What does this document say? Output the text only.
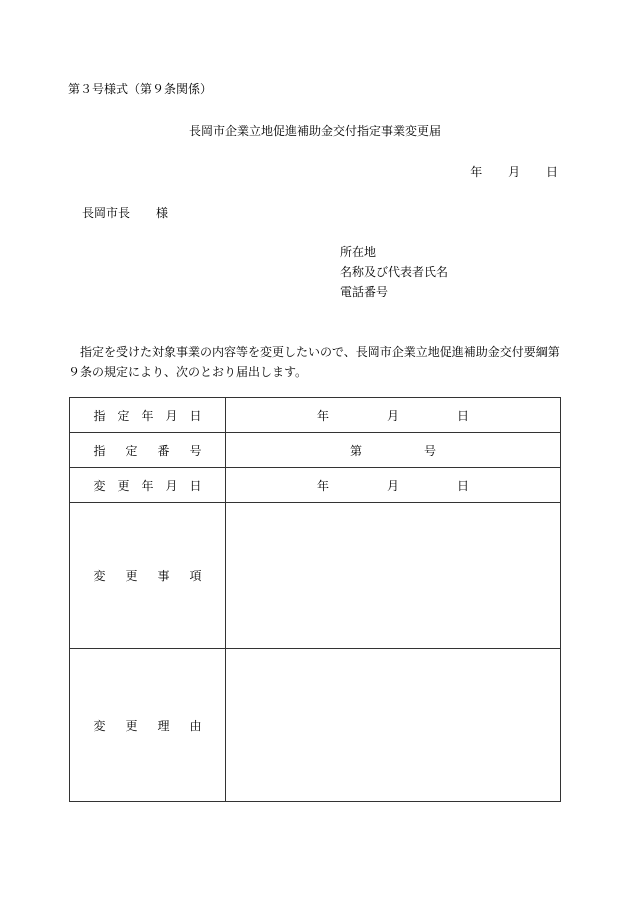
第３号様式（第９条関係）
長岡市企業立地促進補助金交付指定事業変更届
年 月 日
長岡市長 様
所在地
名称及び代表者氏名
電話番号
　指定を受けた対象事業の内容等を変更したいので、長岡市企業立地促進補助金交付要綱第９条の規定により、次のとおり届出します。
指 定 年 月 日	年 月 日

指 定 番 号	第 号

変 更 年 月 日	年 月 日

変 更 事 項	

変 更 理 由	
